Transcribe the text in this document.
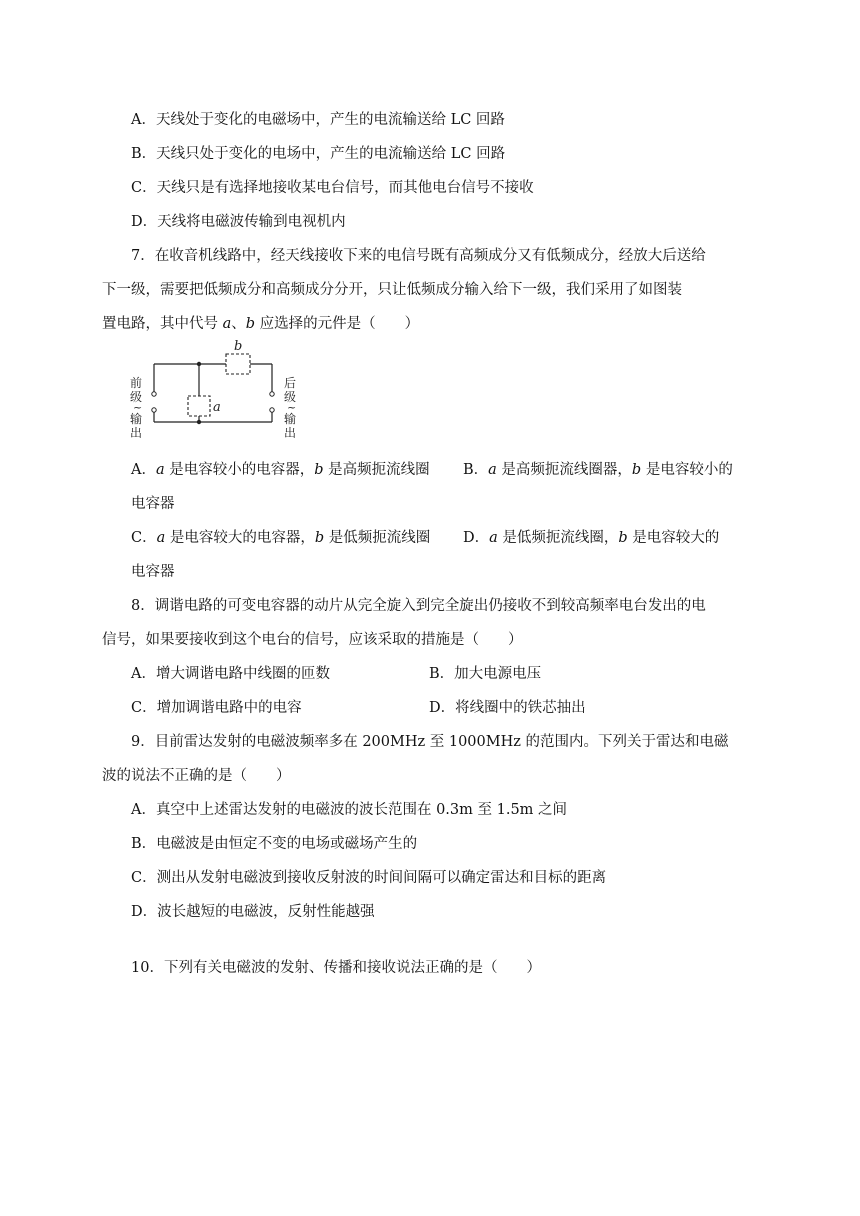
A．天线处于变化的电磁场中，产生的电流输送给 LC 回路
B．天线只处于变化的电场中，产生的电流输送给 LC 回路
C．天线只是有选择地接收某电台信号，而其他电台信号不接收
D．天线将电磁波传输到电视机内
7．在收音机线路中，经天线接收下来的电信号既有高频成分又有低频成分，经放大后送给
下一级，需要把低频成分和高频成分分开，只让低频成分输入给下一级，我们采用了如图装
置电路，其中代号 a、b 应选择的元件是（　　）
b
a
前
级
~
输
出
后
级
~
输
出
A．a 是电容较小的电容器，b 是高频扼流线圈 B．a 是高频扼流线圈器，b 是电容较小的
电容器
C．a 是电容较大的电容器，b 是低频扼流线圈 D．a 是低频扼流线圈，b 是电容较大的
电容器
8．调谐电路的可变电容器的动片从完全旋入到完全旋出仍接收不到较高频率电台发出的电
信号，如果要接收到这个电台的信号，应该采取的措施是（　　）
A．增大调谐电路中线圈的匝数	B．加大电源电压
C．增加调谐电路中的电容	D．将线圈中的铁芯抽出
9．目前雷达发射的电磁波频率多在 200MHz 至 1000MHz 的范围内。下列关于雷达和电磁
波的说法不正确的是（　　）
A．真空中上述雷达发射的电磁波的波长范围在 0.3m 至 1.5m 之间
B．电磁波是由恒定不变的电场或磁场产生的
C．测出从发射电磁波到接收反射波的时间间隔可以确定雷达和目标的距离
D．波长越短的电磁波，反射性能越强
10．下列有关电磁波的发射、传播和接收说法正确的是（　　）
